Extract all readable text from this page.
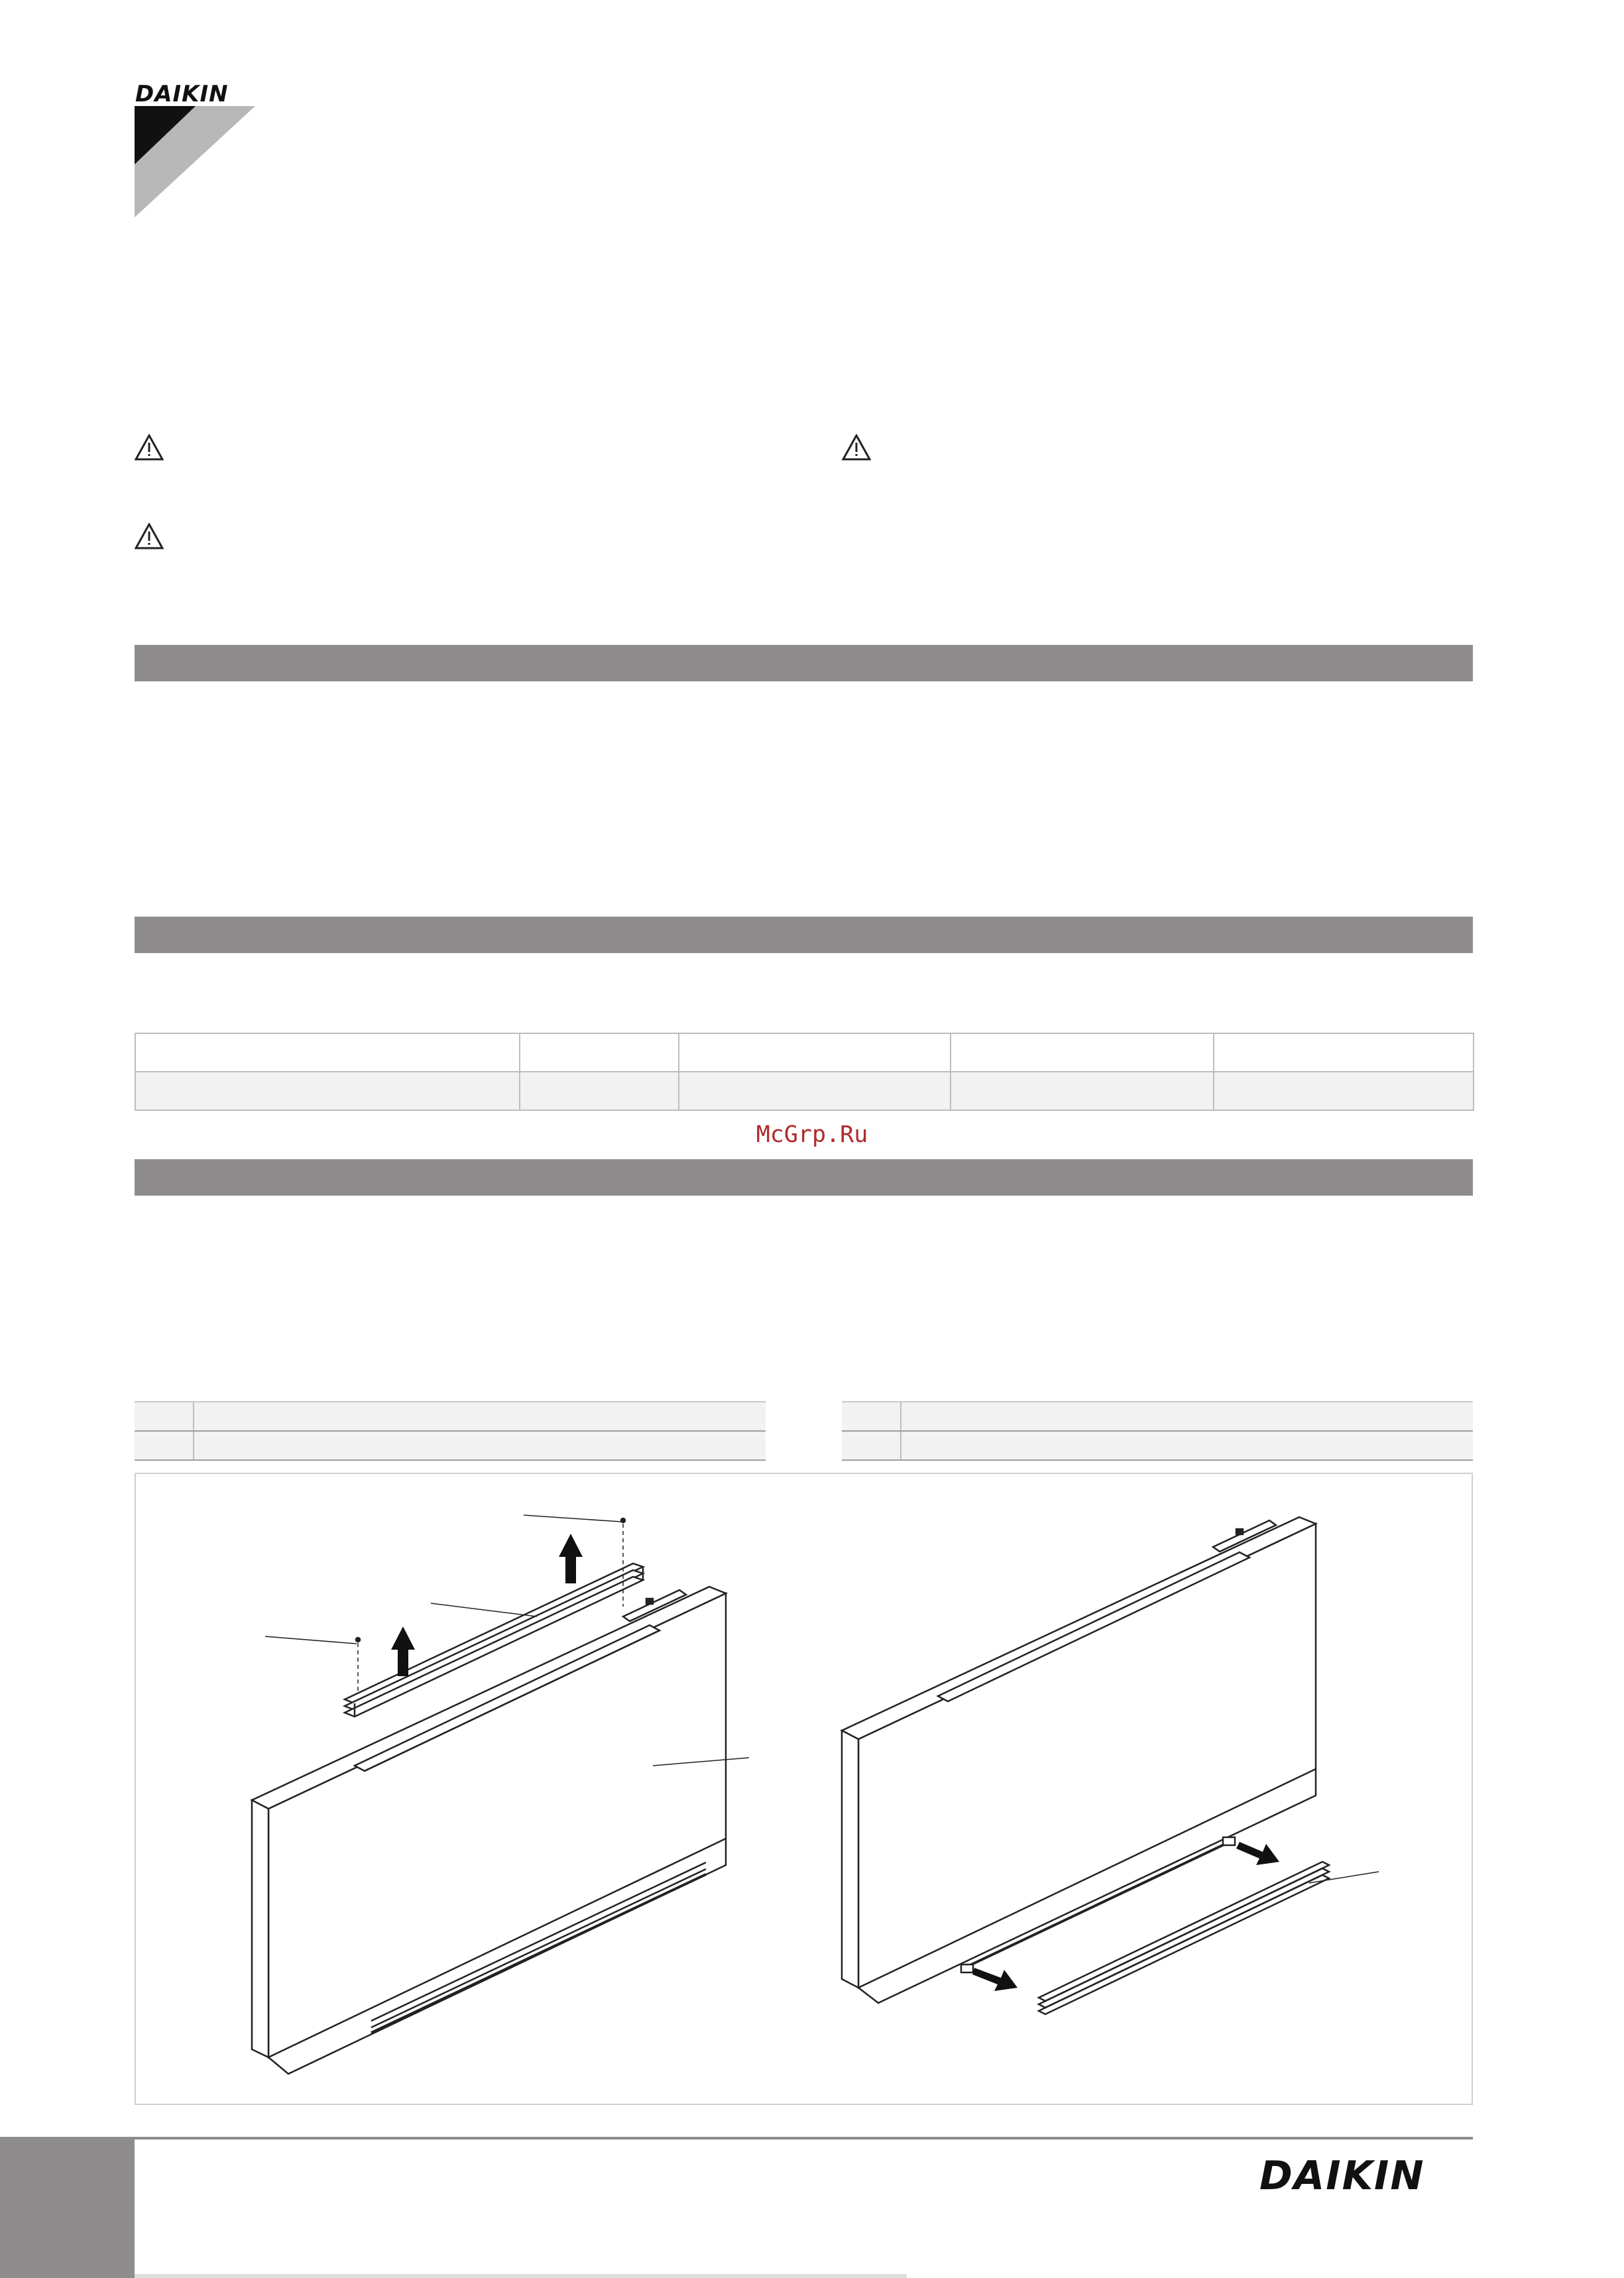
DAIKIN

McGrp.Ru

DAIKIN
